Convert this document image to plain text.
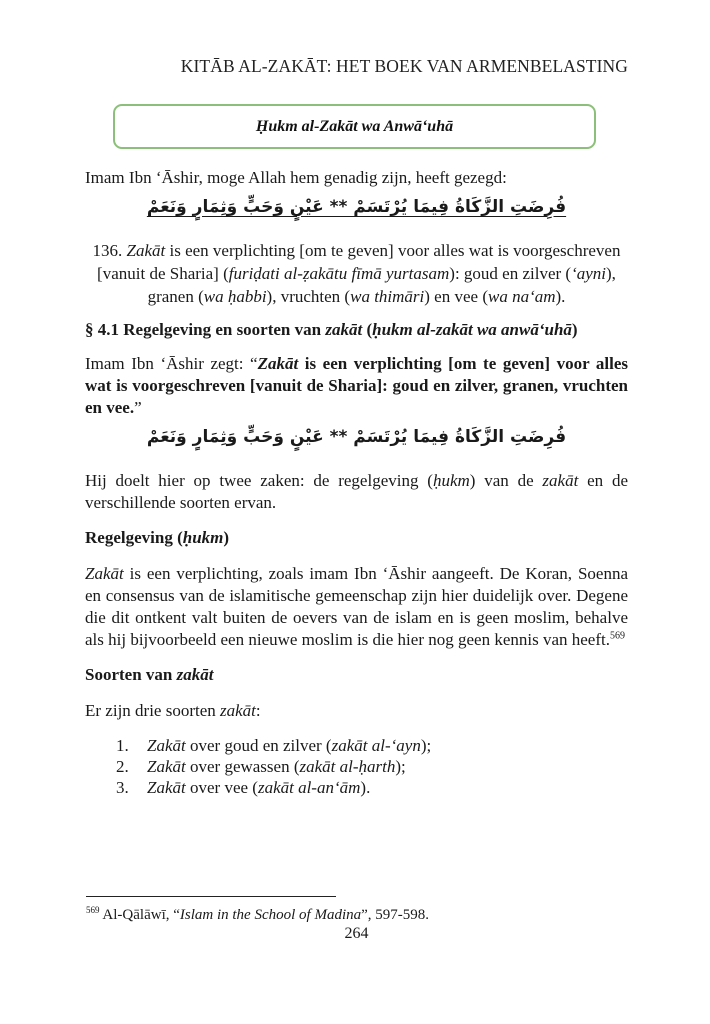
KITĀB AL-ZAKĀT: HET BOEK VAN ARMENBELASTING
Ḥukm al-Zakāt wa Anwā‘uhā
Imam Ibn ‘Āshir, moge Allah hem genadig zijn, heeft gezegd:
فُرِضَتِ الزَّكَاةُ فِيمَا يُرْتَسَمْ ** عَيْنٍ وَحَبٍّ وَثِمَارٍ وَنَعَمْ
136. Zakāt is een verplichting [om te geven] voor alles wat is voorgeschreven [vanuit de Sharia] (furiḍati al-ẓakātu fīmā yurtasam): goud en zilver (‘ayni), granen (wa ḥabbi), vruchten (wa thimāri) en vee (wa na‘am).
§ 4.1 Regelgeving en soorten van zakāt (ḥukm al-zakāt wa anwā‘uhā)
Imam Ibn ‘Āshir zegt: “Zakāt is een verplichting [om te geven] voor alles wat is voorgeschreven [vanuit de Sharia]: goud en zilver, granen, vruchten en vee.”
فُرِضَتِ الزَّكَاةُ فِيمَا يُرْتَسَمْ ** عَيْنٍ وَحَبٍّ وَثِمَارٍ وَنَعَمْ
Hij doelt hier op twee zaken: de regelgeving (ḥukm) van de zakāt en de verschillende soorten ervan.
Regelgeving (ḥukm)
Zakāt is een verplichting, zoals imam Ibn ‘Āshir aangeeft. De Koran, Soenna en consensus van de islamitische gemeenschap zijn hier duidelijk over. Degene die dit ontkent valt buiten de oevers van de islam en is geen moslim, behalve als hij bijvoorbeeld een nieuwe moslim is die hier nog geen kennis van heeft.$^{569}$
Soorten van zakāt
Er zijn drie soorten zakāt:
1.	Zakāt over goud en zilver (zakāt al-‘ayn);
2.	Zakāt over gewassen (zakāt al-ḥarth);
3.	Zakāt over vee (zakāt al-an‘ām).
$^{569}$ Al-Qālāwī, “Islam in the School of Madina”, 597-598.
264
